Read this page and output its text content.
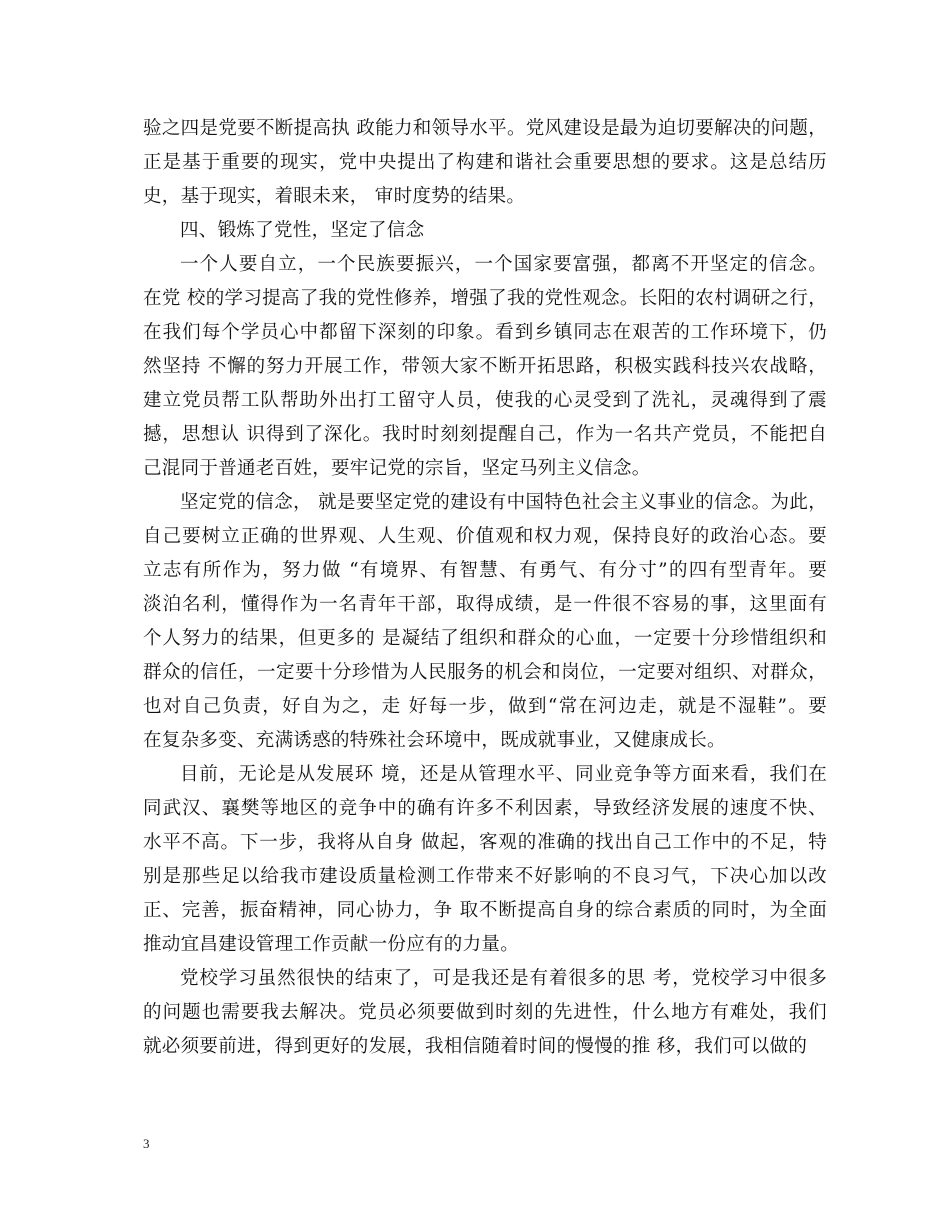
验之四是党要不断提高执 政能力和领导水平。党风建设是最为迫切要解决的问题，
正是基于重要的现实，党中央提出了构建和谐社会重要思想的要求。这是总结历
史，基于现实，着眼未来， 审时度势的结果。
四、锻炼了党性，坚定了信念
一个人要自立，一个民族要振兴，一个国家要富强，都离不开坚定的信念。
在党 校的学习提高了我的党性修养，增强了我的党性观念。长阳的农村调研之行，
在我们每个学员心中都留下深刻的印象。看到乡镇同志在艰苦的工作环境下，仍
然坚持 不懈的努力开展工作，带领大家不断开拓思路，积极实践科技兴农战略，
建立党员帮工队帮助外出打工留守人员，使我的心灵受到了洗礼，灵魂得到了震
撼，思想认 识得到了深化。我时时刻刻提醒自己，作为一名共产党员，不能把自
己混同于普通老百姓，要牢记党的宗旨，坚定马列主义信念。
坚定党的信念， 就是要坚定党的建设有中国特色社会主义事业的信念。为此，
自己要树立正确的世界观、人生观、价值观和权力观，保持良好的政治心态。要
立志有所作为，努力做 “有境界、有智慧、有勇气、有分寸”的四有型青年。要
淡泊名利，懂得作为一名青年干部，取得成绩，是一件很不容易的事，这里面有
个人努力的结果，但更多的 是凝结了组织和群众的心血，一定要十分珍惜组织和
群众的信任，一定要十分珍惜为人民服务的机会和岗位，一定要对组织、对群众，
也对自己负责，好自为之，走 好每一步，做到“常在河边走，就是不湿鞋”。要
在复杂多变、充满诱惑的特殊社会环境中，既成就事业，又健康成长。
目前，无论是从发展环 境，还是从管理水平、同业竞争等方面来看，我们在
同武汉、襄樊等地区的竞争中的确有许多不利因素，导致经济发展的速度不快、
水平不高。下一步，我将从自身 做起，客观的准确的找出自己工作中的不足，特
别是那些足以给我市建设质量检测工作带来不好影响的不良习气，下决心加以改
正、完善，振奋精神，同心协力，争 取不断提高自身的综合素质的同时，为全面
推动宜昌建设管理工作贡献一份应有的力量。
党校学习虽然很快的结束了，可是我还是有着很多的思 考，党校学习中很多
的问题也需要我去解决。党员必须要做到时刻的先进性，什么地方有难处，我们
就必须要前进，得到更好的发展，我相信随着时间的慢慢的推 移，我们可以做的
3
